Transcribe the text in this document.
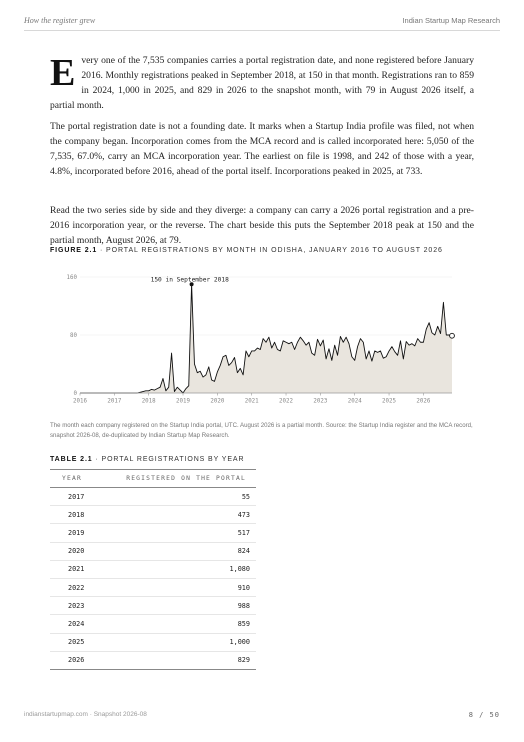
How the register grew	Indian Startup Map Research

Every one of the 7,535 companies carries a portal registration date, and none registered before January 2016. Monthly registrations peaked in September 2018, at 150 in that month. Registrations ran to 859 in 2024, 1,000 in 2025, and 829 in 2026 to the snapshot month, with 79 in August 2026 itself, a partial month.

The portal registration date is not a founding date. It marks when a Startup India profile was filed, not when the company began. Incorporation comes from the MCA record and is called incorporated here: 5,050 of the 7,535, 67.0%, carry an MCA incorporation year. The earliest on file is 1998, and 242 of those with a year, 4.8%, incorporated before 2016, ahead of the portal itself. Incorporations peaked in 2025, at 733.

Read the two series side by side and they diverge: a company can carry a 2026 portal registration and a pre-2016 incorporation year, or the reverse. The chart beside this puts the September 2018 peak at 150 and the partial month, August 2026, at 79.

FIGURE 2.1 · PORTAL REGISTRATIONS BY MONTH IN ODISHA, JANUARY 2016 TO AUGUST 2026
0
80
160
2016	2017	2018	2019	2020	2021	2022	2023	2024	2025	2026
150 in September 2018
The month each company registered on the Startup India portal, UTC. August 2026 is a partial month. Source: the Startup India register and the MCA record, snapshot 2026-08, de-duplicated by Indian Startup Map Research.
TABLE 2.1 · PORTAL REGISTRATIONS BY YEAR
YEAR	REGISTERED ON THE PORTAL
2017	55
2018	473
2019	517
2020	824
2021	1,080
2022	910
2023	988
2024	859
2025	1,000
2026	829
indianstartupmap.com · Snapshot 2026-08	8 / 50
